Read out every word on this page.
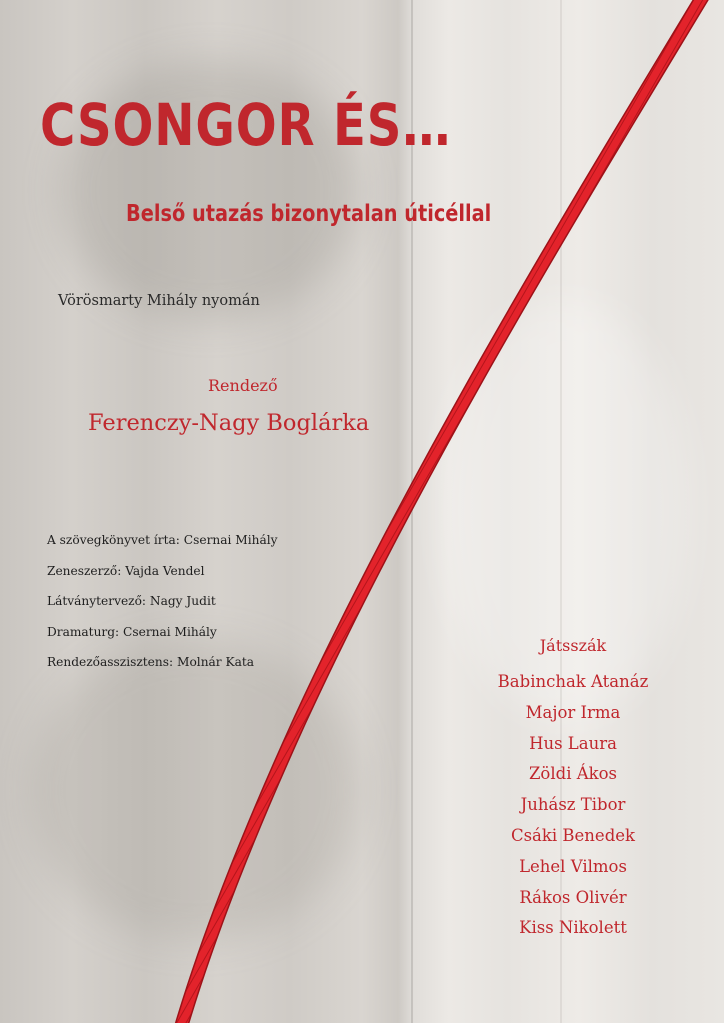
CSONGOR ÉS…
Belső utazás bizonytalan úticéllal
Vörösmarty Mihály nyomán
Rendező
Ferenczy-Nagy Boglárka
A szövegkönyvet írta: Csernai Mihály
Zeneszerző: Vajda Vendel
Látványtervező: Nagy Judit
Dramaturg: Csernai Mihály
Rendezőasszisztens: Molnár Kata
Játsszák
Babinchak Atanáz
Major Irma
Hus Laura
Zöldi Ákos
Juhász Tibor
Csáki Benedek
Lehel Vilmos
Rákos Olivér
Kiss Nikolett
